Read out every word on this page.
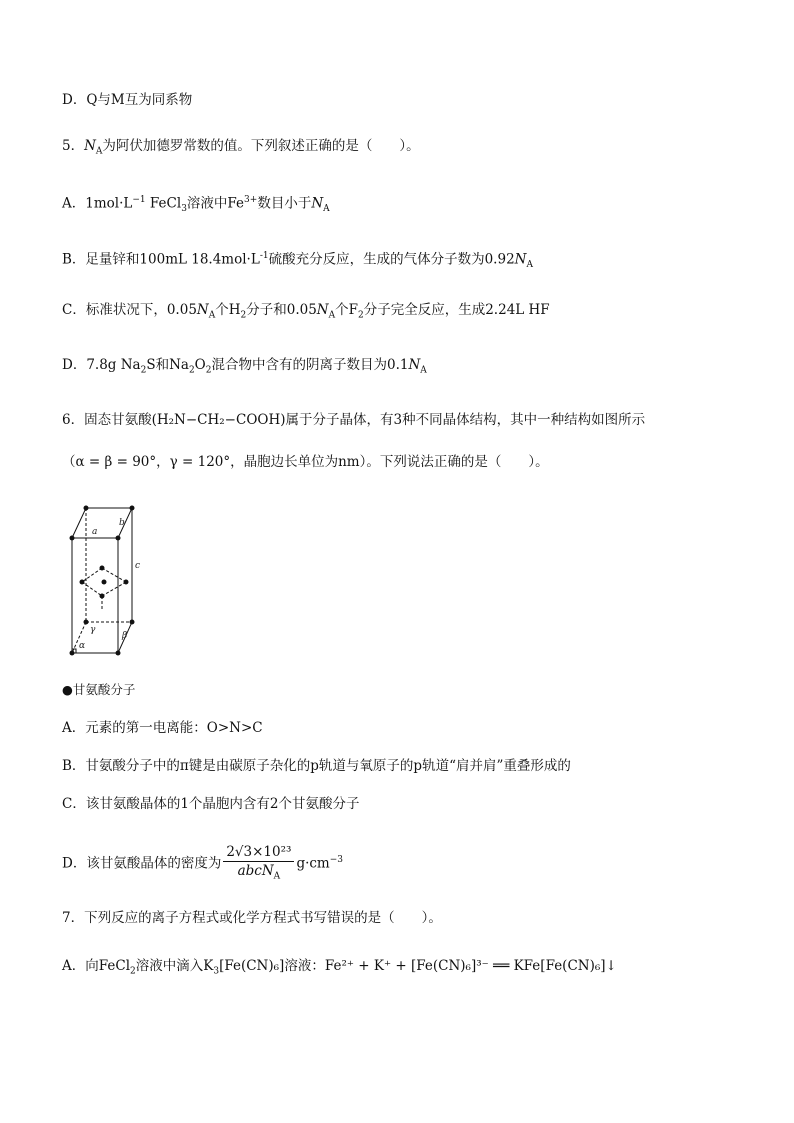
D．Q与M互为同系物
5．$N_A$为阿伏加德罗常数的值。下列叙述正确的是（　　）。
A．$1mol\cdot L^{-1}$ FeCl$_3$溶液中$Fe^{3+}$数目小于$N_A$
B．足量锌和100mL $18.4mol\cdot L^{-1}$硫酸充分反应，生成的气体分子数为$0.92N_A$
C．标准状况下，$0.05N_A$个$H_2$分子和$0.05N_A$个$F_2$分子完全反应，生成2.24L HF
D．7.8g $Na_2S$和$Na_2O_2$混合物中含有的阴离子数目为$0.1N_A$
6．固态甘氨酸(H₂N−CH₂−COOH)属于分子晶体，有3种不同晶体结构，其中一种结构如图所示
（α = β = 90°，γ = 120°，晶胞边长单位为nm）。下列说法正确的是（　　）。
a
b
c
γ
β
α
●甘氨酸分子
A．元素的第一电离能：O>N>C
B．甘氨酸分子中的π键是由碳原子杂化的p轨道与氧原子的p轨道“肩并肩”重叠形成的
C．该甘氨酸晶体的1个晶胞内含有2个甘氨酸分子
D．该甘氨酸晶体的密度为 $\frac{\text{2√3×10²³}}{abcN_A} g\cdot cm^{-3}$
7．下列反应的离子方程式或化学方程式书写错误的是（　　）。
A．向FeCl$_2$溶液中滴入$K_3[Fe(CN)_6]$溶液：Fe²⁺ + K⁺ + [Fe(CN)₆]³⁻ ══ KFe[Fe(CN)₆]↓
